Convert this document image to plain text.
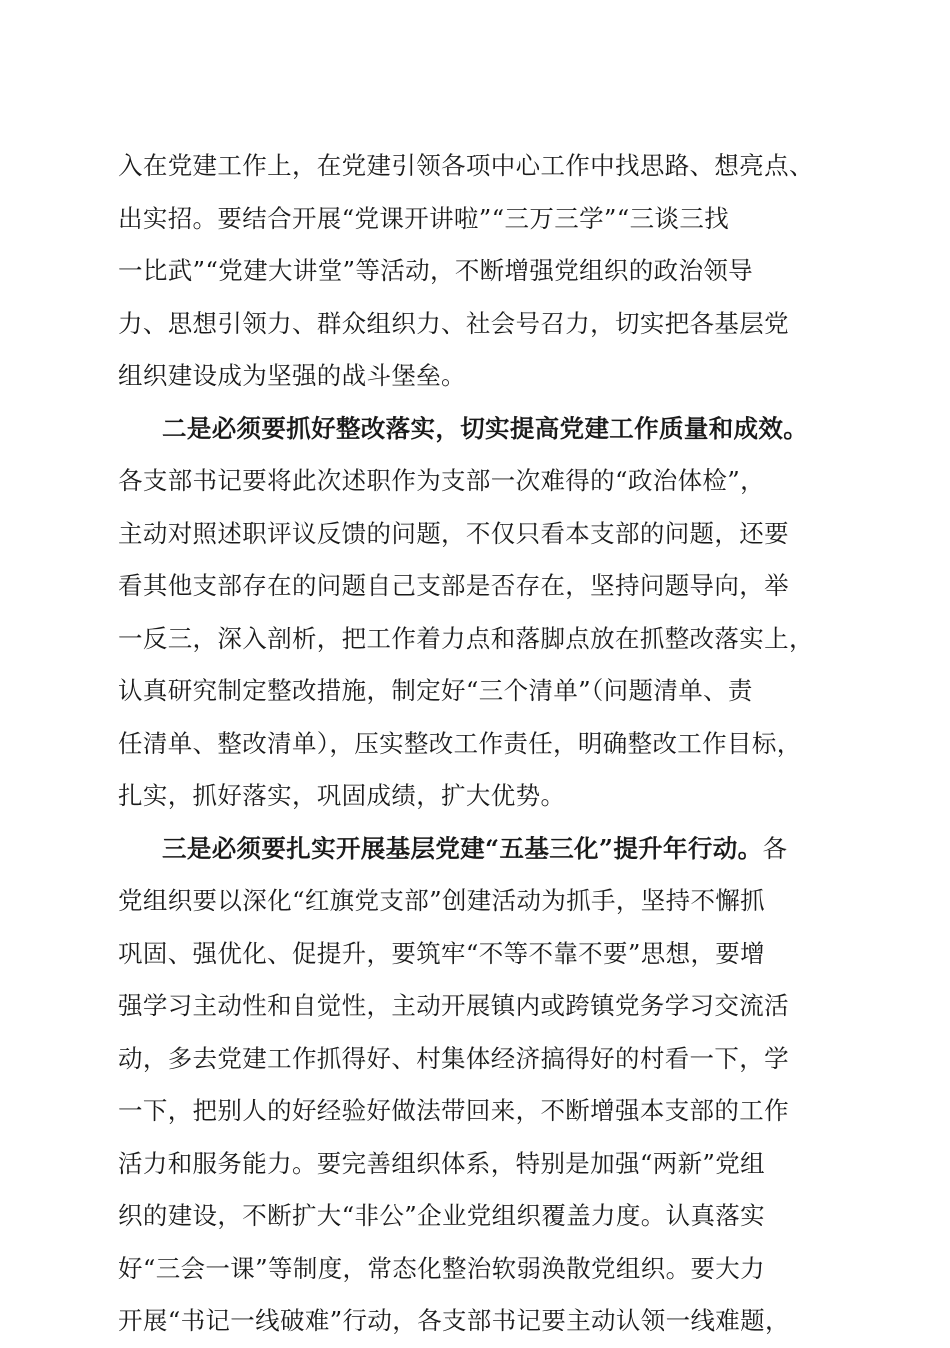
入在党建工作上，在党建引领各项中心工作中找思路、想亮点、
出实招。要结合开展“党课开讲啦”“三万三学”“三谈三找
一比武”“党建大讲堂”等活动，不断增强党组织的政治领导
力、思想引领力、群众组织力、社会号召力，切实把各基层党
组织建设成为坚强的战斗堡垒。
二是必须要抓好整改落实，切实提高党建工作质量和成效。
各支部书记要将此次述职作为支部一次难得的“政治体检”，
主动对照述职评议反馈的问题，不仅只看本支部的问题，还要
看其他支部存在的问题自己支部是否存在，坚持问题导向，举
一反三，深入剖析，把工作着力点和落脚点放在抓整改落实上，
认真研究制定整改措施，制定好“三个清单”（问题清单、责
任清单、整改清单），压实整改工作责任，明确整改工作目标，
扎实，抓好落实，巩固成绩，扩大优势。
三是必须要扎实开展基层党建“五基三化”提升年行动。各
党组织要以深化“红旗党支部”创建活动为抓手，坚持不懈抓
巩固、强优化、促提升，要筑牢“不等不靠不要”思想，要增
强学习主动性和自觉性，主动开展镇内或跨镇党务学习交流活
动，多去党建工作抓得好、村集体经济搞得好的村看一下，学
一下，把别人的好经验好做法带回来，不断增强本支部的工作
活力和服务能力。要完善组织体系，特别是加强“两新”党组
织的建设，不断扩大“非公”企业党组织覆盖力度。认真落实
好“三会一课”等制度，常态化整治软弱涣散党组织。要大力
开展“书记一线破难”行动，各支部书记要主动认领一线难题，
